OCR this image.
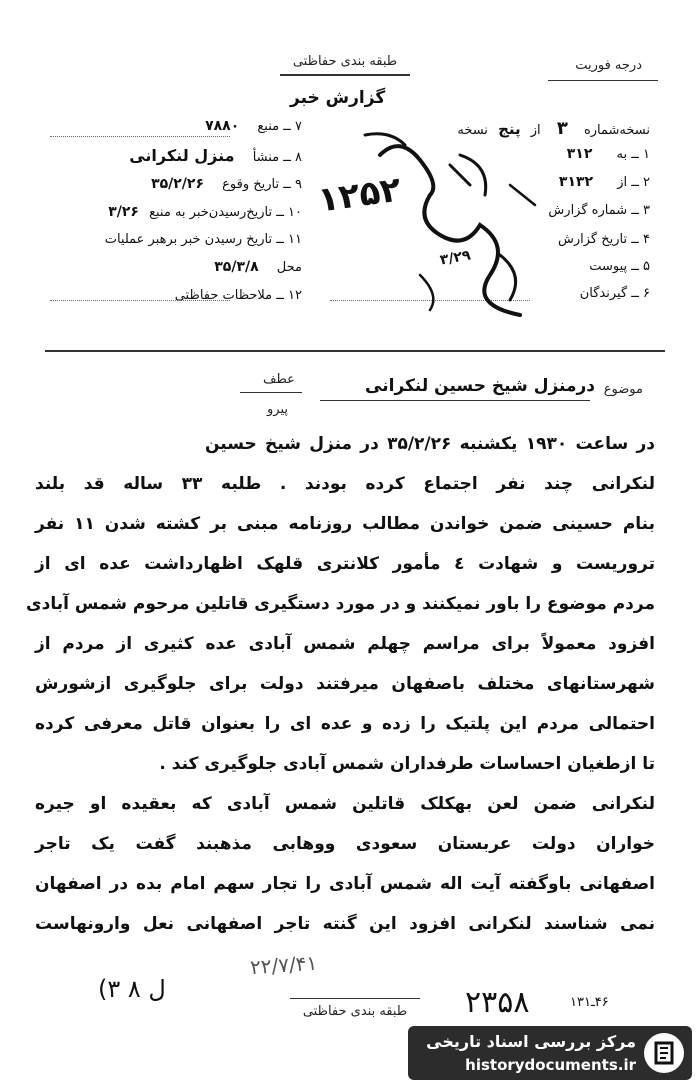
طبقه بندی حفاظتی	درجه فوریت
گزارش خبر
۷ ــ منبع ۷۸۸۰
۸ ــ منشأ منزل لنکرانی
۹ ــ تاریخ وقوع ۳۵/۲/۲۶
۱۰ ــ تاریخ‌رسیدن‌خبر به منبع ۳/۲۶
۱۱ ــ تاریخ رسیدن خبر برهبر عملیات
محل ۳۵/۳/۸
۱۲ ــ ملاحظات حفاظتی
نسخه‌شماره ۳ از پنج نسخه
۱ ــ به ۳۱۲
۲ ــ از ۳۱۳۲
۳ ــ شماره گزارش
۴ ــ تاریخ گزارش
۵ ــ پیوست
۶ ــ گیرندگان
۱۲۵۲
موضوع
درمنزل شیخ حسین لنکرانی
عطف
پیرو
در ساعت ۱۹۳۰ یکشنبه ۳۵/۲/۲۶ در منزل شیخ حسین
لنکرانی چند نفر اجتماع کرده بودند . طلبه ۳۳ ساله قد بلند
بنام حسینی ضمن خواندن مطالب روزنامه مبنی بر کشته شدن ۱۱ نفر
تروریست و شهادت ٤ مأمور کلانتری قلهک اظهارداشت عده ای از
مردم موضوع را باور نمیکنند و در مورد دستگیری قاتلین مرحوم شمس آبادی
افزود معمولاً برای مراسم چهلم شمس آبادی عده کثیری از مردم از
شهرستانهای مختلف باصفهان میرفتند دولت برای جلوگیری ازشورش
احتمالی مردم این پلتیک را زده و عده ای را بعنوان قاتل معرفی کرده
تا ازطغیان احساسات طرفداران شمس آبادی جلوگیری کند .
لنکرانی ضمن لعن بهکلک قاتلین شمس آبادی که بعقیده او جیره
خواران دولت عربستان سعودی ووهابی مذهبند گفت یک تاجر
اصفهانی باوگفته آیت اله شمس آبادی را تجار سهم امام بده در اصفهان
نمی شناسند لنکرانی افزود این گنته تاجر اصفهانی نعل وارونهاست
(۳ ل ۸
۲۲/۷/۴۱
۳/۲۹
۲۳۵۸	۴۶ـ۱۳۱
طبقه بندی حفاظتی
مرکز بررسی اسناد تاریخی
historydocuments.ir
